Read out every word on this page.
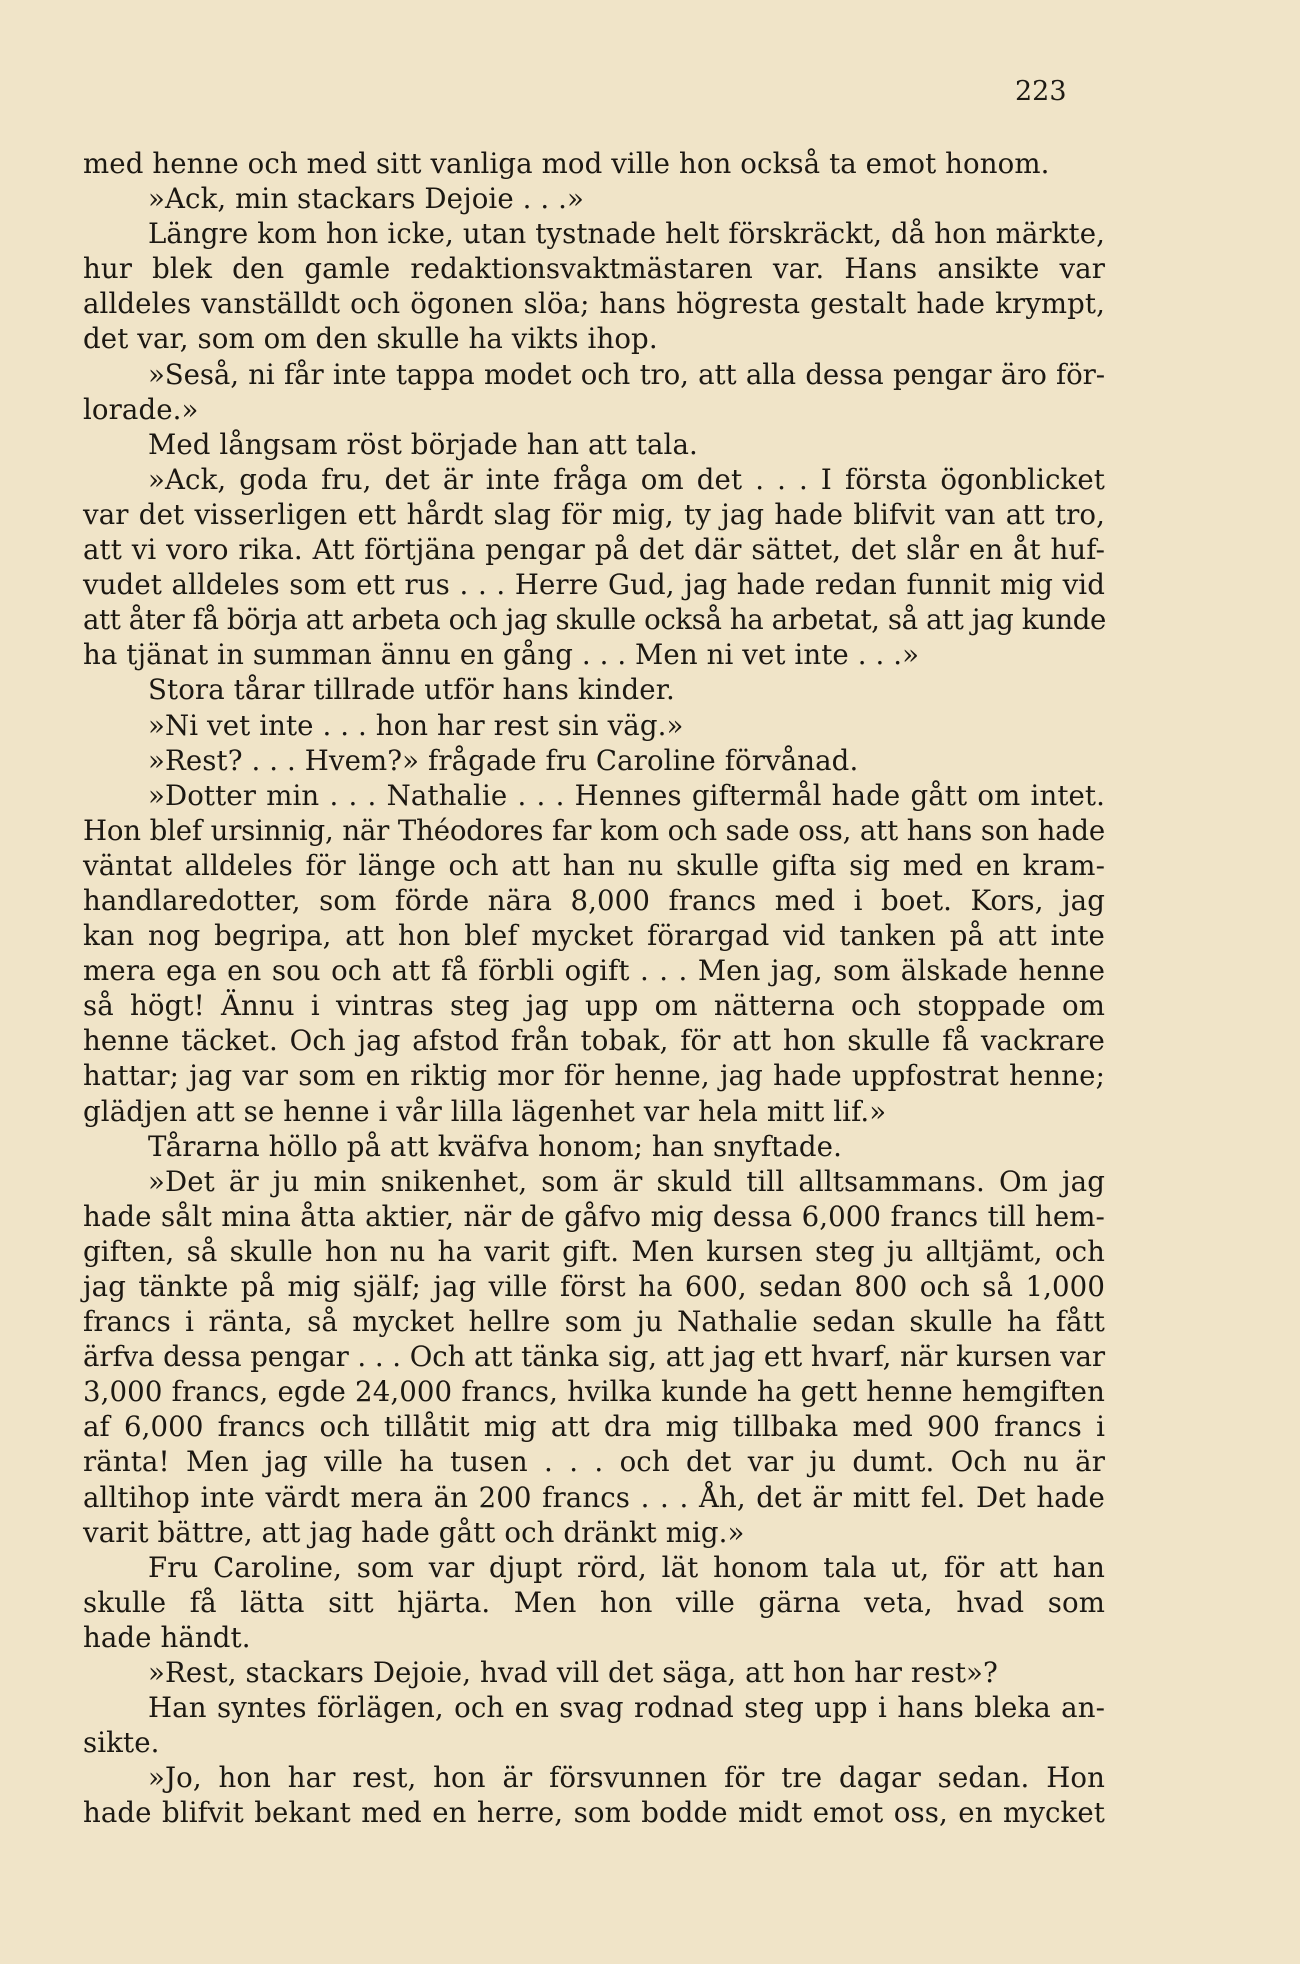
223
med henne och med sitt vanliga mod ville hon också ta emot honom.
»Ack, min stackars Dejoie . . .»
Längre kom hon icke, utan tystnade helt förskräckt, då hon märkte,
hur blek den gamle redaktionsvaktmästaren var. Hans ansikte var
alldeles vanställdt och ögonen slöa; hans högresta gestalt hade krympt,
det var, som om den skulle ha vikts ihop.
»Seså, ni får inte tappa modet och tro, att alla dessa pengar äro för-
lorade.»
Med långsam röst började han att tala.
»Ack, goda fru, det är inte fråga om det . . . I första ögonblicket
var det visserligen ett hårdt slag för mig, ty jag hade blifvit van att tro,
att vi voro rika. Att förtjäna pengar på det där sättet, det slår en åt huf-
vudet alldeles som ett rus . . . Herre Gud, jag hade redan funnit mig vid
att åter få börja att arbeta och jag skulle också ha arbetat, så att jag kunde
ha tjänat in summan ännu en gång . . . Men ni vet inte . . .»
Stora tårar tillrade utför hans kinder.
»Ni vet inte . . . hon har rest sin väg.»
»Rest? . . . Hvem?» frågade fru Caroline förvånad.
»Dotter min . . . Nathalie . . . Hennes giftermål hade gått om intet.
Hon blef ursinnig, när Théodores far kom och sade oss, att hans son hade
väntat alldeles för länge och att han nu skulle gifta sig med en kram-
handlaredotter, som förde nära 8,000 francs med i boet. Kors, jag
kan nog begripa, att hon blef mycket förargad vid tanken på att inte
mera ega en sou och att få förbli ogift . . . Men jag, som älskade henne
så högt! Ännu i vintras steg jag upp om nätterna och stoppade om
henne täcket. Och jag afstod från tobak, för att hon skulle få vackrare
hattar; jag var som en riktig mor för henne, jag hade uppfostrat henne;
glädjen att se henne i vår lilla lägenhet var hela mitt lif.»
Tårarna höllo på att kväfva honom; han snyftade.
»Det är ju min snikenhet, som är skuld till alltsammans. Om jag
hade sålt mina åtta aktier, när de gåfvo mig dessa 6,000 francs till hem-
giften, så skulle hon nu ha varit gift. Men kursen steg ju alltjämt, och
jag tänkte på mig själf; jag ville först ha 600, sedan 800 och så 1,000
francs i ränta, så mycket hellre som ju Nathalie sedan skulle ha fått
ärfva dessa pengar . . . Och att tänka sig, att jag ett hvarf, när kursen var
3,000 francs, egde 24,000 francs, hvilka kunde ha gett henne hemgiften
af 6,000 francs och tillåtit mig att dra mig tillbaka med 900 francs i
ränta! Men jag ville ha tusen . . . och det var ju dumt. Och nu är
alltihop inte värdt mera än 200 francs . . . Åh, det är mitt fel. Det hade
varit bättre, att jag hade gått och dränkt mig.»
Fru Caroline, som var djupt rörd, lät honom tala ut, för att han
skulle få lätta sitt hjärta. Men hon ville gärna veta, hvad som
hade händt.
»Rest, stackars Dejoie, hvad vill det säga, att hon har rest»?
Han syntes förlägen, och en svag rodnad steg upp i hans bleka an-
sikte.
»Jo, hon har rest, hon är försvunnen för tre dagar sedan. Hon
hade blifvit bekant med en herre, som bodde midt emot oss, en mycket
